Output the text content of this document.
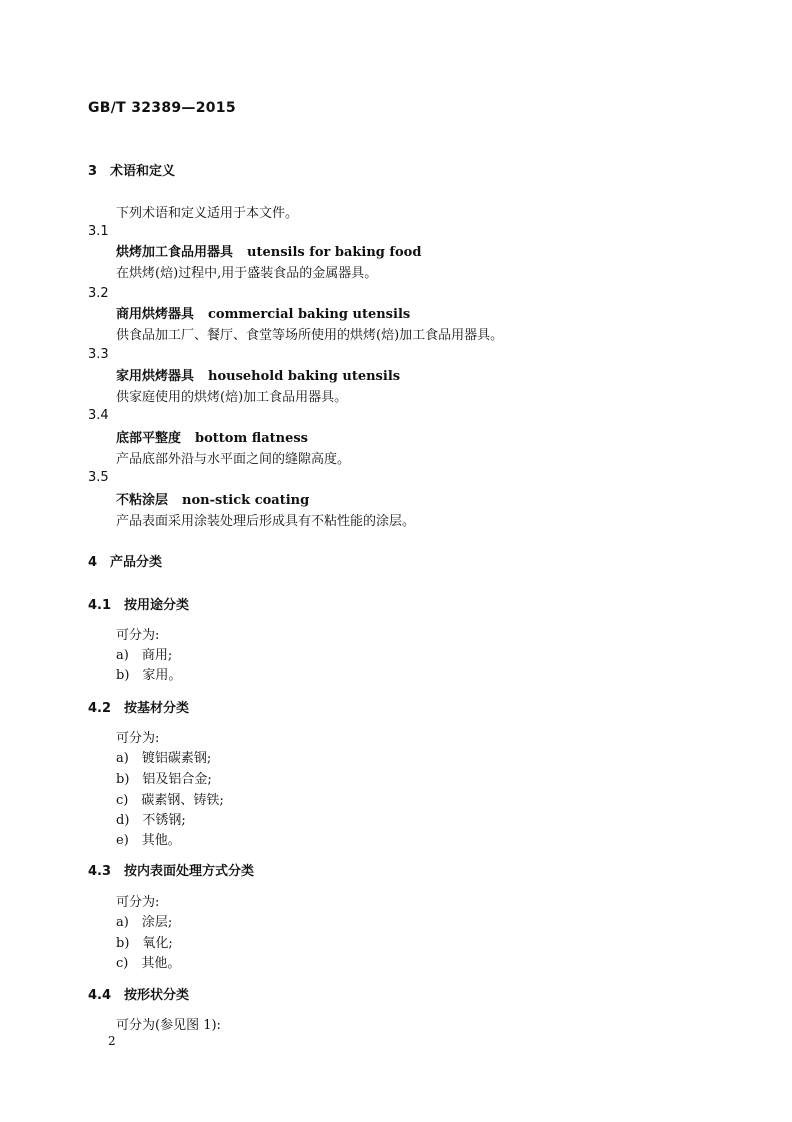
GB/T 32389—2015
3　术语和定义
下列术语和定义适用于本文件。
3.1
烘烤加工食品用器具 utensils for baking food
在烘烤(焙)过程中,用于盛装食品的金属器具。
3.2
商用烘烤器具 commercial baking utensils
供食品加工厂、餐厅、食堂等场所使用的烘烤(焙)加工食品用器具。
3.3
家用烘烤器具 household baking utensils
供家庭使用的烘烤(焙)加工食品用器具。
3.4
底部平整度 bottom flatness
产品底部外沿与水平面之间的缝隙高度。
3.5
不粘涂层 non-stick coating
产品表面采用涂装处理后形成具有不粘性能的涂层。
4　产品分类
4.1　按用途分类
可分为:
a)　商用;
b)　家用。
4.2　按基材分类
可分为:
a)　镀铝碳素钢;
b)　铝及铝合金;
c)　碳素钢、铸铁;
d)　不锈钢;
e)　其他。
4.3　按内表面处理方式分类
可分为:
a)　涂层;
b)　氧化;
c)　其他。
4.4　按形状分类
可分为(参见图 1):
2
